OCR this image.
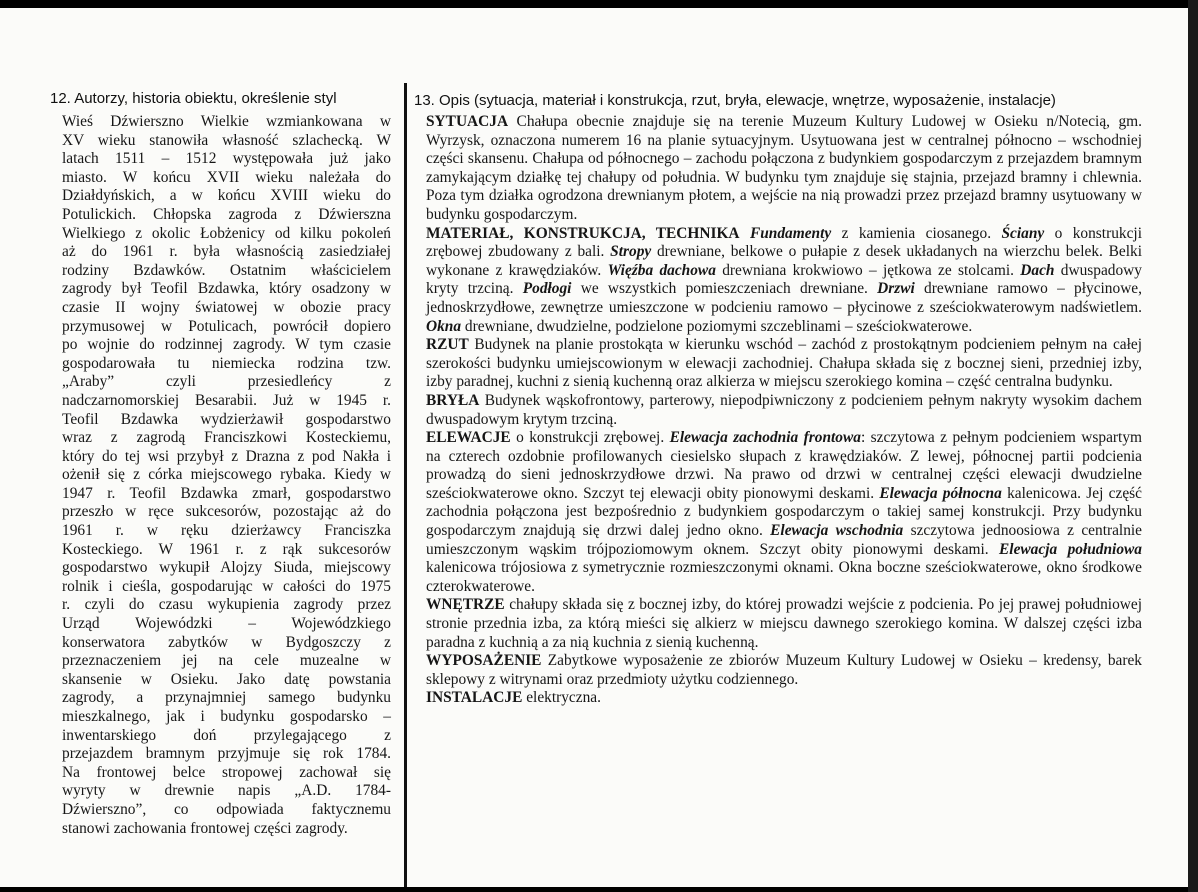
12. Autorzy, historia obiektu, określenie styl	13. Opis (sytuacja, materiał i konstrukcja, rzut, bryła, elewacje, wnętrze, wyposażenie, instalacje)
Wieś Dźwierszno Wielkie wzmiankowana w
XV wieku stanowiła własność szlachecką. W
latach 1511 – 1512 występowała już jako
miasto. W końcu XVII wieku należała do
Działdyńskich, a w końcu XVIII wieku do
Potulickich. Chłopska zagroda z Dźwierszna
Wielkiego z okolic Łobżenicy od kilku pokoleń
aż do 1961 r. była własnością zasiedziałej
rodziny Bzdawków. Ostatnim właścicielem
zagrody był Teofil Bzdawka, który osadzony w
czasie II wojny światowej w obozie pracy
przymusowej w Potulicach, powrócił dopiero
po wojnie do rodzinnej zagrody. W tym czasie
gospodarowała tu niemiecka rodzina tzw.
„Araby” czyli przesiedleńcy z
nadczarnomorskiej Besarabii. Już w 1945 r.
Teofil Bzdawka wydzierżawił gospodarstwo
wraz z zagrodą Franciszkowi Kosteckiemu,
który do tej wsi przybył z Drazna z pod Nakła i
ożenił się z córka miejscowego rybaka. Kiedy w
1947 r. Teofil Bzdawka zmarł, gospodarstwo
przeszło w ręce sukcesorów, pozostając aż do
1961 r. w ręku dzierżawcy Franciszka
Kosteckiego. W 1961 r. z rąk sukcesorów
gospodarstwo wykupił Alojzy Siuda, miejscowy
rolnik i cieśla, gospodarując w całości do 1975
r. czyli do czasu wykupienia zagrody przez
Urząd Wojewódzki – Wojewódzkiego
konserwatora zabytków w Bydgoszczy z
przeznaczeniem jej na cele muzealne w
skansenie w Osieku. Jako datę powstania
zagrody, a przynajmniej samego budynku
mieszkalnego, jak i budynku gospodarsko –
inwentarskiego doń przylegającego z
przejazdem bramnym przyjmuje się rok 1784.
Na frontowej belce stropowej zachował się
wyryty w drewnie napis „A.D. 1784-
Dźwierszno”, co odpowiada faktycznemu
stanowi zachowania frontowej części zagrody.

SYTUACJA Chałupa obecnie znajduje się na terenie Muzeum Kultury Ludowej w Osieku n/Notecią, gm. Wyrzysk, oznaczona numerem 16 na planie sytuacyjnym. Usytuowana jest w centralnej północno – wschodniej części skansenu. Chałupa od północnego – zachodu połączona z budynkiem gospodarczym z przejazdem bramnym zamykającym działkę tej chałupy od południa. W budynku tym znajduje się stajnia, przejazd bramny i chlewnia. Poza tym działka ogrodzona drewnianym płotem, a wejście na nią prowadzi przez przejazd bramny usytuowany w budynku gospodarczym.

MATERIAŁ, KONSTRUKCJA, TECHNIKA Fundamenty z kamienia ciosanego. Ściany o konstrukcji zrębowej zbudowany z bali. Stropy drewniane, belkowe o pułapie z desek układanych na wierzchu belek. Belki wykonane z krawędziaków. Więźba dachowa drewniana krokwiowo – jętkowa ze stolcami. Dach dwuspadowy kryty trzciną. Podłogi we wszystkich pomieszczeniach drewniane. Drzwi drewniane ramowo – płycinowe, jednoskrzydłowe, zewnętrze umieszczone w podcieniu ramowo – płycinowe z sześciokwaterowym nadświetlem. Okna drewniane, dwudzielne, podzielone poziomymi szczeblinami – sześciokwaterowe.

RZUT Budynek na planie prostokąta w kierunku wschód – zachód z prostokątnym podcieniem pełnym na całej szerokości budynku umiejscowionym w elewacji zachodniej. Chałupa składa się z bocznej sieni, przedniej izby, izby paradnej, kuchni z sienią kuchenną oraz alkierza w miejscu szerokiego komina – część centralna budynku.

BRYŁA Budynek wąskofrontowy, parterowy, niepodpiwniczony z podcieniem pełnym nakryty wysokim dachem dwuspadowym krytym trzciną.

ELEWACJE o konstrukcji zrębowej. Elewacja zachodnia frontowa: szczytowa z pełnym podcieniem wspartym na czterech ozdobnie profilowanych ciesielsko słupach z krawędziaków. Z lewej, północnej partii podcienia prowadzą do sieni jednoskrzydłowe drzwi. Na prawo od drzwi w centralnej części elewacji dwudzielne sześciokwaterowe okno. Szczyt tej elewacji obity pionowymi deskami. Elewacja północna kalenicowa. Jej część zachodnia połączona jest bezpośrednio z budynkiem gospodarczym o takiej samej konstrukcji. Przy budynku gospodarczym znajdują się drzwi dalej jedno okno. Elewacja wschodnia szczytowa jednoosiowa z centralnie umieszczonym wąskim trójpoziomowym oknem. Szczyt obity pionowymi deskami. Elewacja południowa kalenicowa trójosiowa z symetrycznie rozmieszczonymi oknami. Okna boczne sześciokwaterowe, okno środkowe czterokwaterowe.

WNĘTRZE chałupy składa się z bocznej izby, do której prowadzi wejście z podcienia. Po jej prawej południowej stronie przednia izba, za którą mieści się alkierz w miejscu dawnego szerokiego komina. W dalszej części izba paradna z kuchnią a za nią kuchnia z sienią kuchenną.

WYPOSAŻENIE Zabytkowe wyposażenie ze zbiorów Muzeum Kultury Ludowej w Osieku – kredensy, barek sklepowy z witrynami oraz przedmioty użytku codziennego.

INSTALACJE elektryczna.
